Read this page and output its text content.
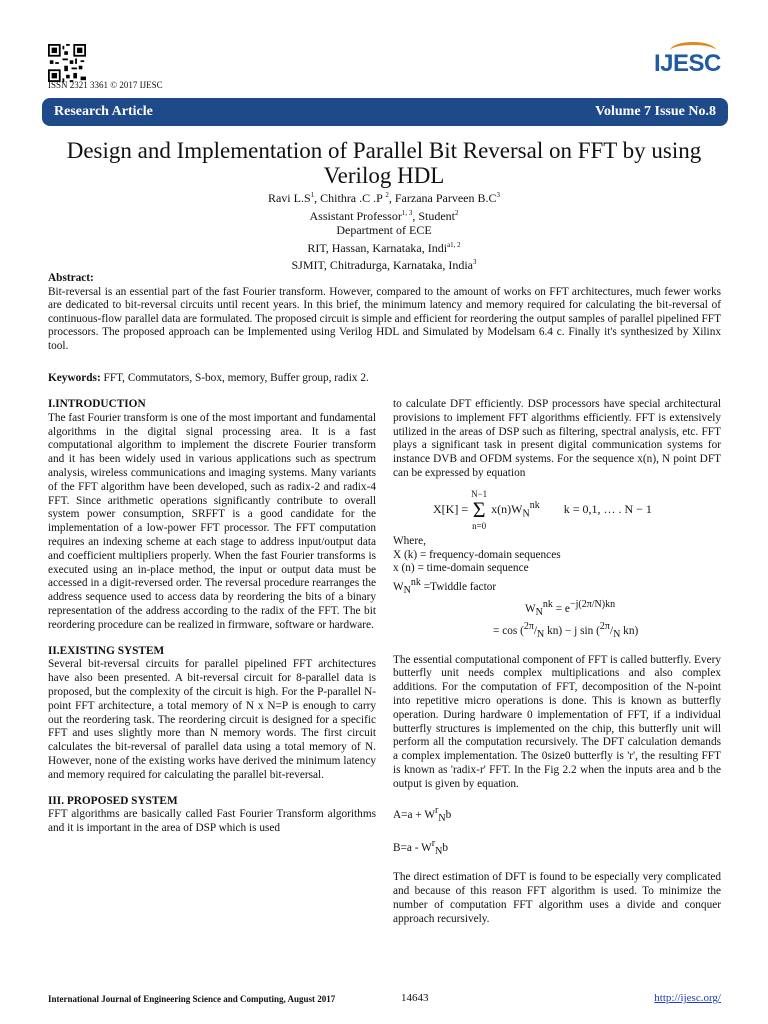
ISSN 2321 3361 © 2017 IJESC
IJESC
Research Article	Volume 7 Issue No.8
Design and Implementation of Parallel Bit Reversal on FFT by using Verilog HDL
Ravi $L.S^1$, Chithra .C .P $^2$, Farzana Parveen $B.C^3$
Assistant Professor$^{1, 3}$, Student$^2$
Department of ECE
RIT, Hassan, Karnataka, Indi$^{a1, 2}$
SJMIT, Chitradurga, Karnataka, India$^3$
Abstract:
Bit-reversal is an essential part of the fast Fourier transform. However, compared to the amount of works on FFT architectures, much fewer works are dedicated to bit-reversal circuits until recent years. In this brief, the minimum latency and memory required for calculating the bit-reversal of continuous-flow parallel data are formulated. The proposed circuit is simple and efficient for reordering the output samples of parallel pipelined FFT processors. The proposed approach can be Implemented using Verilog HDL and Simulated by Modelsam 6.4 c. Finally it's synthesized by Xilinx tool.
Keywords: FFT, Commutators, S-box, memory, Buffer group, radix 2.

I.INTRODUCTION

The fast Fourier transform is one of the most important and fundamental algorithms in the digital signal processing area. It is a fast computational algorithm to implement the discrete Fourier transform and it has been widely used in various applications such as spectrum analysis, wireless communications and imaging systems. Many variants of the FFT algorithm have been developed, such as radix-2 and radix-4 FFT. Since arithmetic operations significantly contribute to overall system power consumption, SRFFT is a good candidate for the implementation of a low-power FFT processor. The FFT computation requires an indexing scheme at each stage to address input/output data and coefficient multipliers properly. When the fast Fourier transforms is executed using an in-place method, the input or output data must be accessed in a digit-reversed order. The reversal procedure rearranges the address sequence used to access data by reordering the bits of a binary representation of the address according to the radix of the FFT. The bit reordering procedure can be realized in firmware, software or hardware.

II.EXISTING SYSTEM

Several bit-reversal circuits for parallel pipelined FFT architectures have also been presented. A bit-reversal circuit for 8-parallel data is proposed, but the complexity of the circuit is high. For the P-parallel N-point FFT architecture, a total memory of N x N=P is enough to carry out the reordering task. The reordering circuit is designed for a specific FFT and uses slightly more than N memory words. The first circuit calculates the bit-reversal of parallel data using a total memory of N. However, none of the existing works have derived the minimum latency and memory required for calculating the parallel bit-reversal.

III. PROPOSED SYSTEM

FFT algorithms are basically called Fast Fourier Transform algorithms and it is important in the area of DSP which is used

to calculate DFT efficiently. DSP processors have special architectural provisions to implement FFT algorithms efficiently. FFT is extensively utilized in the areas of DSP such as filtering, spectral analysis, etc. FFT plays a significant task in present digital communication systems for instance DVB and OFDM systems. For the sequence x(n), N point DFT can be expressed by equation

X[K] =
N−1
Σ
n=0
$x(n)W_N^{nk}$ k = 0,1, … . N − 1

Where,

X (k) = frequency-domain sequences

x (n) = time-domain sequence

$W_N^{nk}$ =Twiddle factor

$W_N^{nk} = e^{-j(2\pi/N)kn}$

= $\cos (^{2\pi}/_N$ kn) − j $\sin (^{2\pi}/_N$ kn)

The essential computational component of FFT is called butterfly. Every butterfly unit needs complex multiplications and also complex additions. For the computation of FFT, decomposition of the N-point into repetitive micro operations is done. This is known as butterfly operation. During hardware 0 implementation of FFT, if a individual butterfly structures is implemented on the chip, this butterfly unit will perform all the computation recursively. The DFT calculation demands a complex implementation. The 0size0 butterfly is 'r', the resulting FFT is known as 'radix-r' FFT. In the Fig 2.2 when the inputs area and b the output is given by equation.

$A=a + W^r_Nb$

$B=a - W^r_Nb$

The direct estimation of DFT is found to be especially very complicated and because of this reason FFT algorithm is used. To minimize the number of computation FFT algorithm uses a divide and conquer approach recursively.

International Journal of Engineering Science and Computing, August 2017	14643	http://ijesc.org/
